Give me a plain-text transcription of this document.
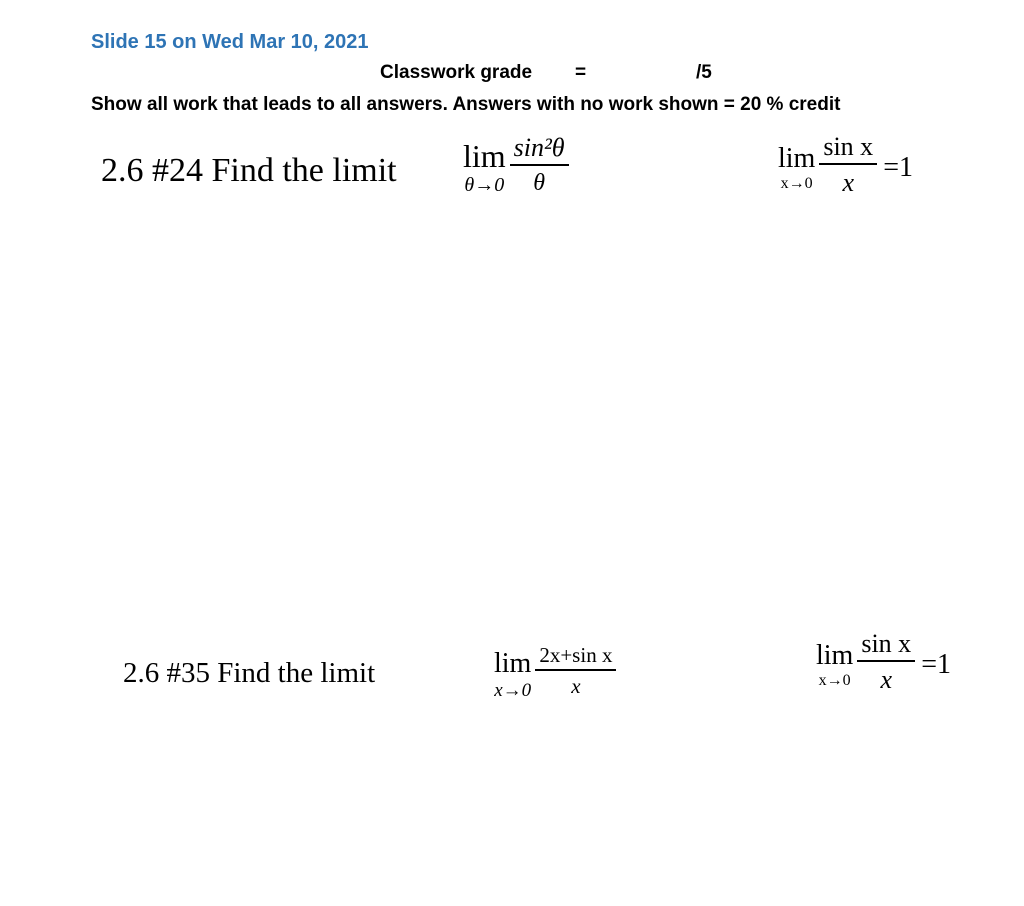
Slide 15 on Wed Mar 10, 2021
Classwork grade =	/5
Show all work that leads to all answers. Answers with no work shown = 20 % credit
2.6 #24 Find the limit lim
$\theta\to 0 \frac{\text{sin²θ}}{\theta}$	lim
$x\to 0 \frac{\text{sin x}}{x} =1$
2.6 #35 Find the limit	lim
$x\to 0 \frac{\text{2x+sin x}}{x}$	lim
$x\to 0 \frac{\text{sin x}}{x} =1$
